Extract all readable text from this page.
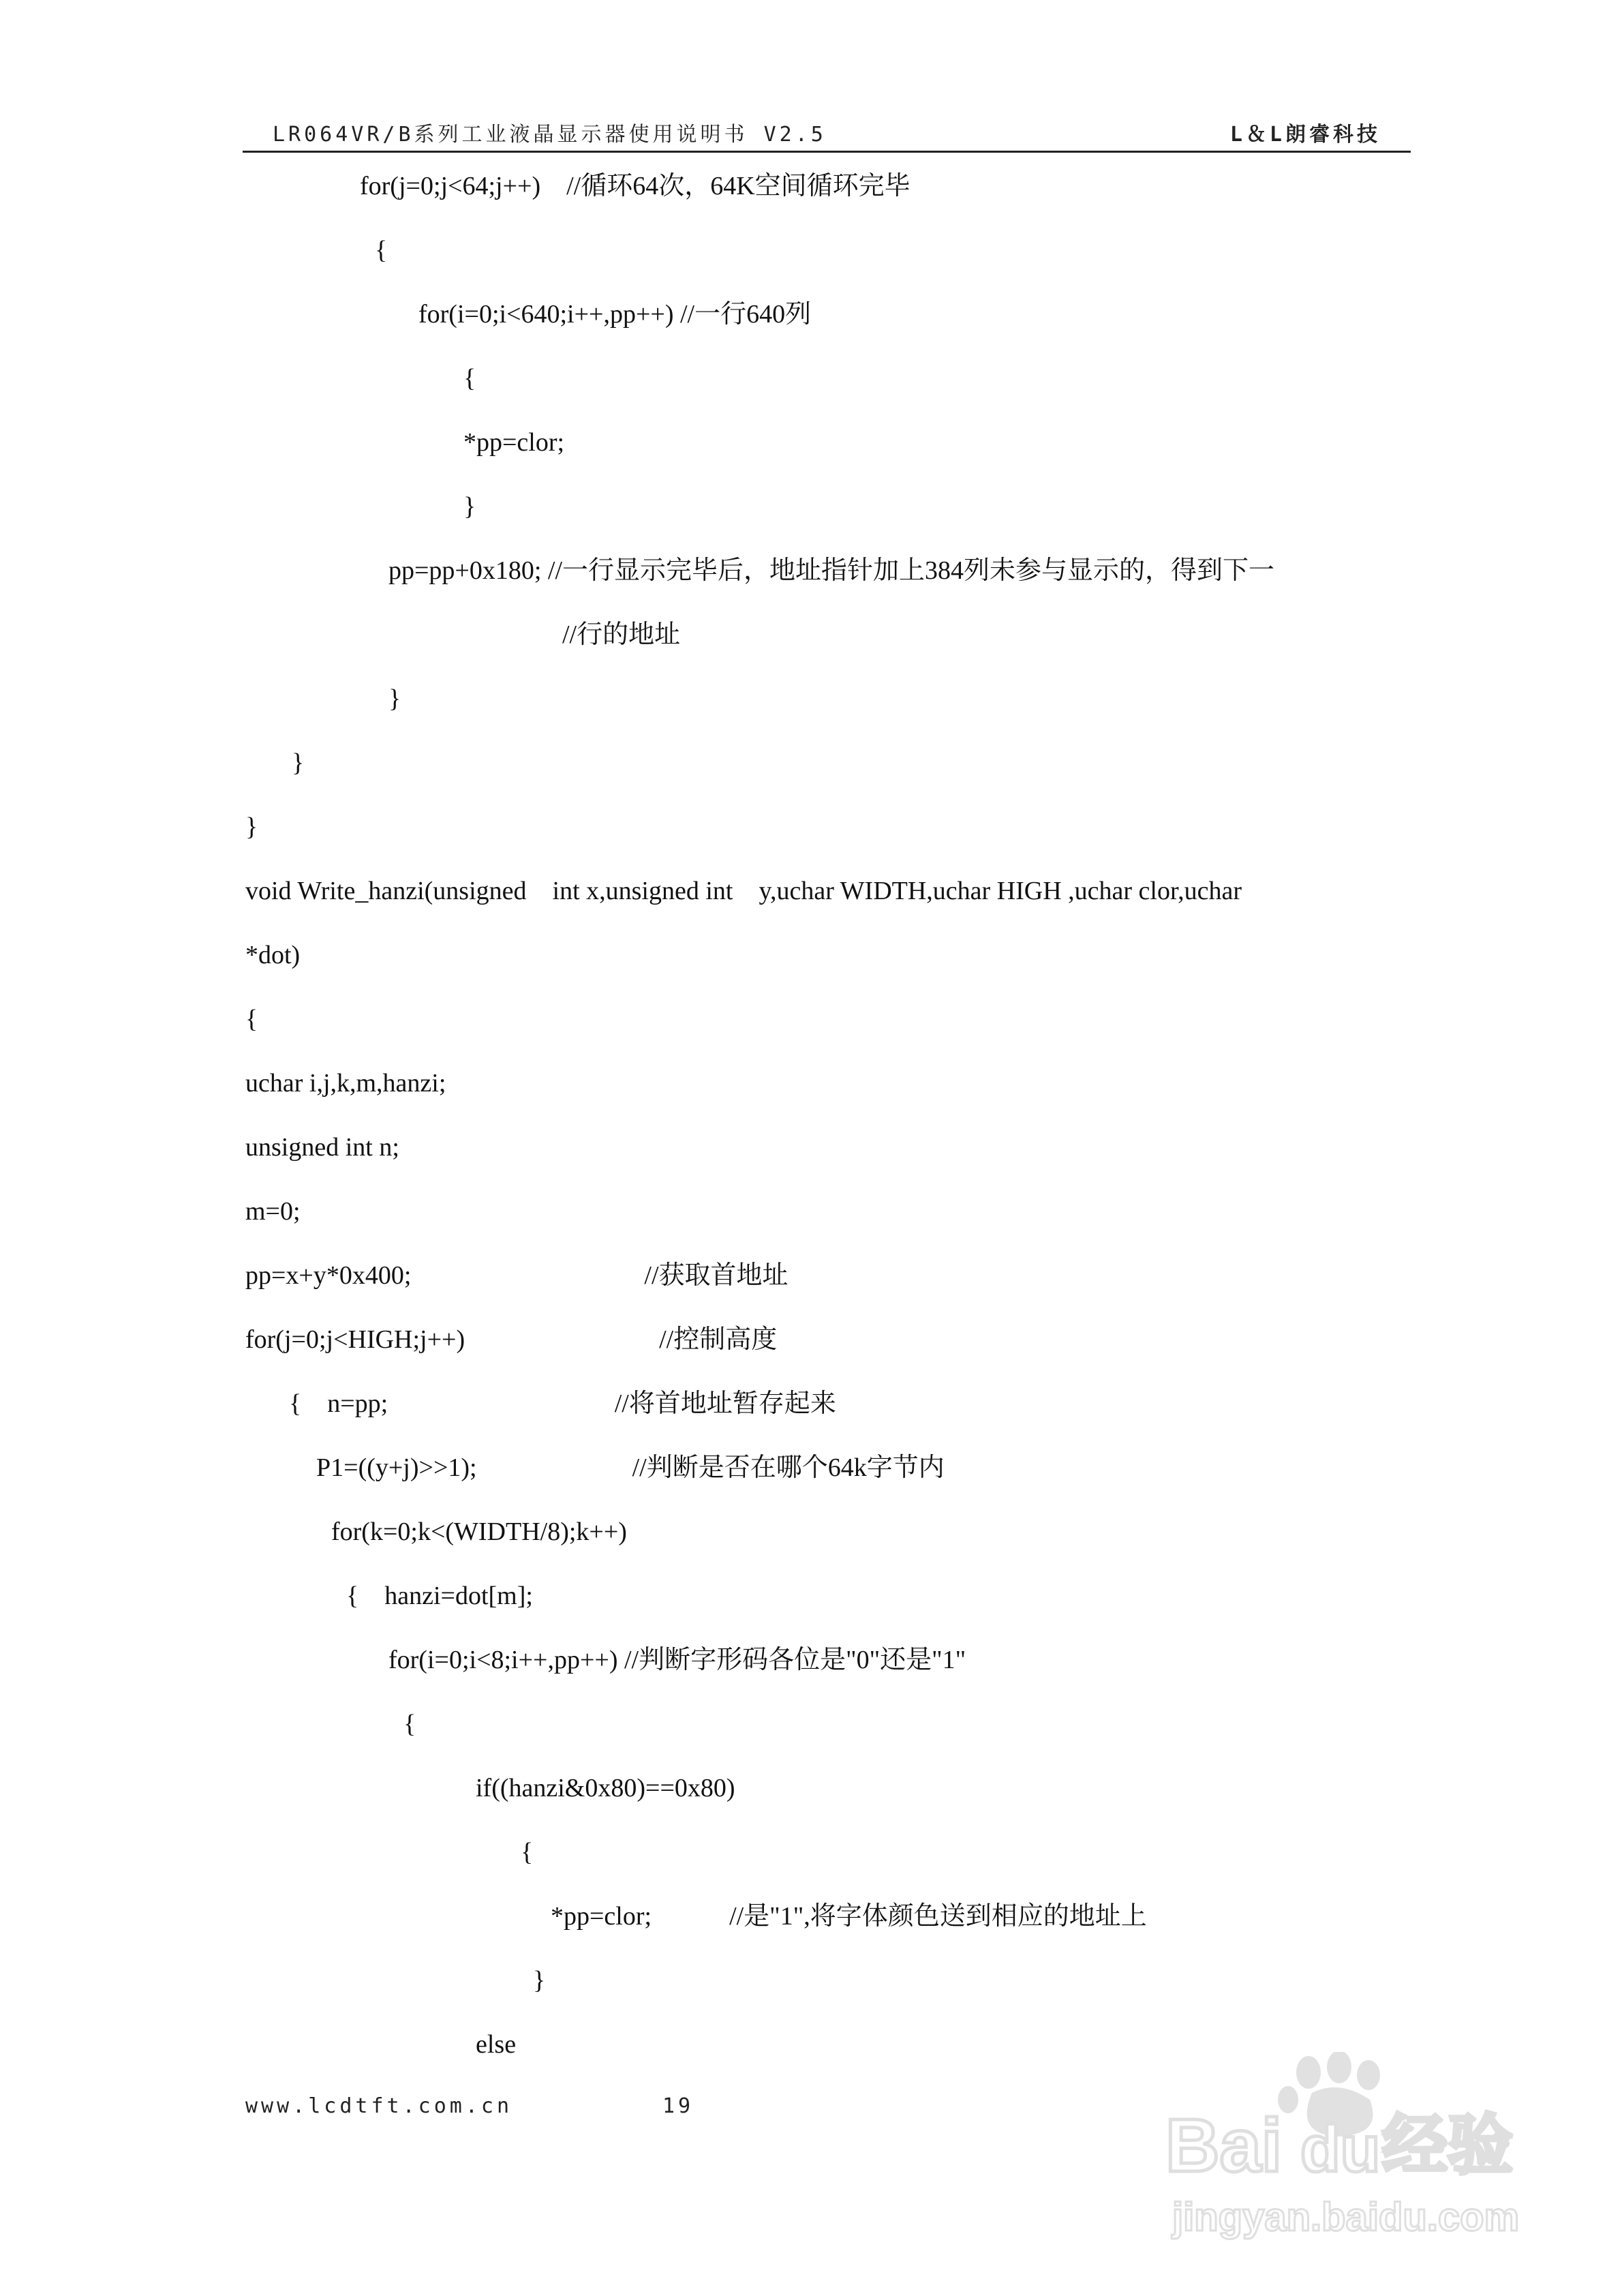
LR064VR/B系列工业液晶显示器使用说明书 V2.5	L＆L朗睿科技
for(j=0;j<64;j++)    //循环64次，64K空间循环完毕
{
for(i=0;i<640;i++,pp++) //一行640列
{
*pp=clor;
}
pp=pp+0x180; //一行显示完毕后，地址指针加上384列未参与显示的，得到下一
//行的地址
}
}
}
void Write_hanzi(unsigned    int x,unsigned int    y,uchar WIDTH,uchar HIGH ,uchar clor,uchar
*dot)
{
uchar i,j,k,m,hanzi;
unsigned int n;
m=0;
pp=x+y*0x400;                                    //获取首地址
for(j=0;j<HIGH;j++)                              //控制高度
{    n=pp;                                   //将首地址暂存起来
P1=((y+j)>>1);                        //判断是否在哪个64k字节内
for(k=0;k<(WIDTH/8);k++)
{    hanzi=dot[m];
for(i=0;i<8;i++,pp++) //判断字形码各位是"0"还是"1"
{
if((hanzi&0x80)==0x80)
{
*pp=clor;            //是"1",将字体颜色送到相应的地址上
}
else
www.lcdtft.com.cn	19	Bai du 经验
jingyan.baidu.com
